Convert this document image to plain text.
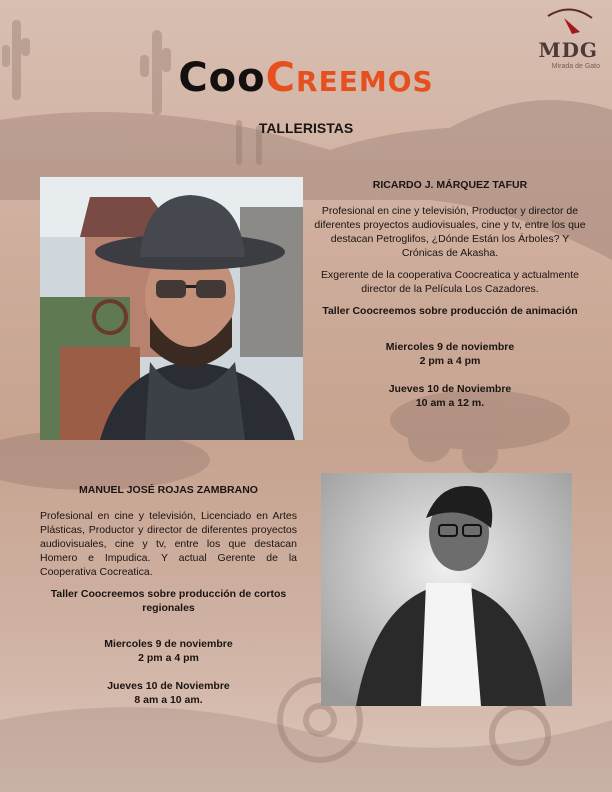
MDG
Mirada de Gato
CooCreemos
TALLERISTAS
RICARDO J. MÁRQUEZ TAFUR

Profesional en cine y televisión, Productor y director de diferentes proyectos audiovisuales, cine y tv, entre los que destacan Petroglifos, ¿Dónde Están los Árboles? Y Crónicas de Akasha.

Exgerente de la cooperativa Coocreatica y actualmente director de la Película Los Cazadores.

Taller Coocreemos sobre producción de animación

Miercoles 9 de noviembre
2 pm a 4 pm
Jueves 10 de Noviembre
10 am a 12 m.
MANUEL JOSÉ ROJAS ZAMBRANO

Profesional en cine y televisión, Licenciado en Artes Plásticas, Productor y director de diferentes proyectos audiovisuales, cine y tv, entre los que destacan Homero e Impudica. Y actual Gerente de la Cooperativa Cocreatica.

Taller Coocreemos sobre producción de cortos regionales

Miercoles 9 de noviembre
2 pm a 4 pm
Jueves 10 de Noviembre
8 am a 10 am.
